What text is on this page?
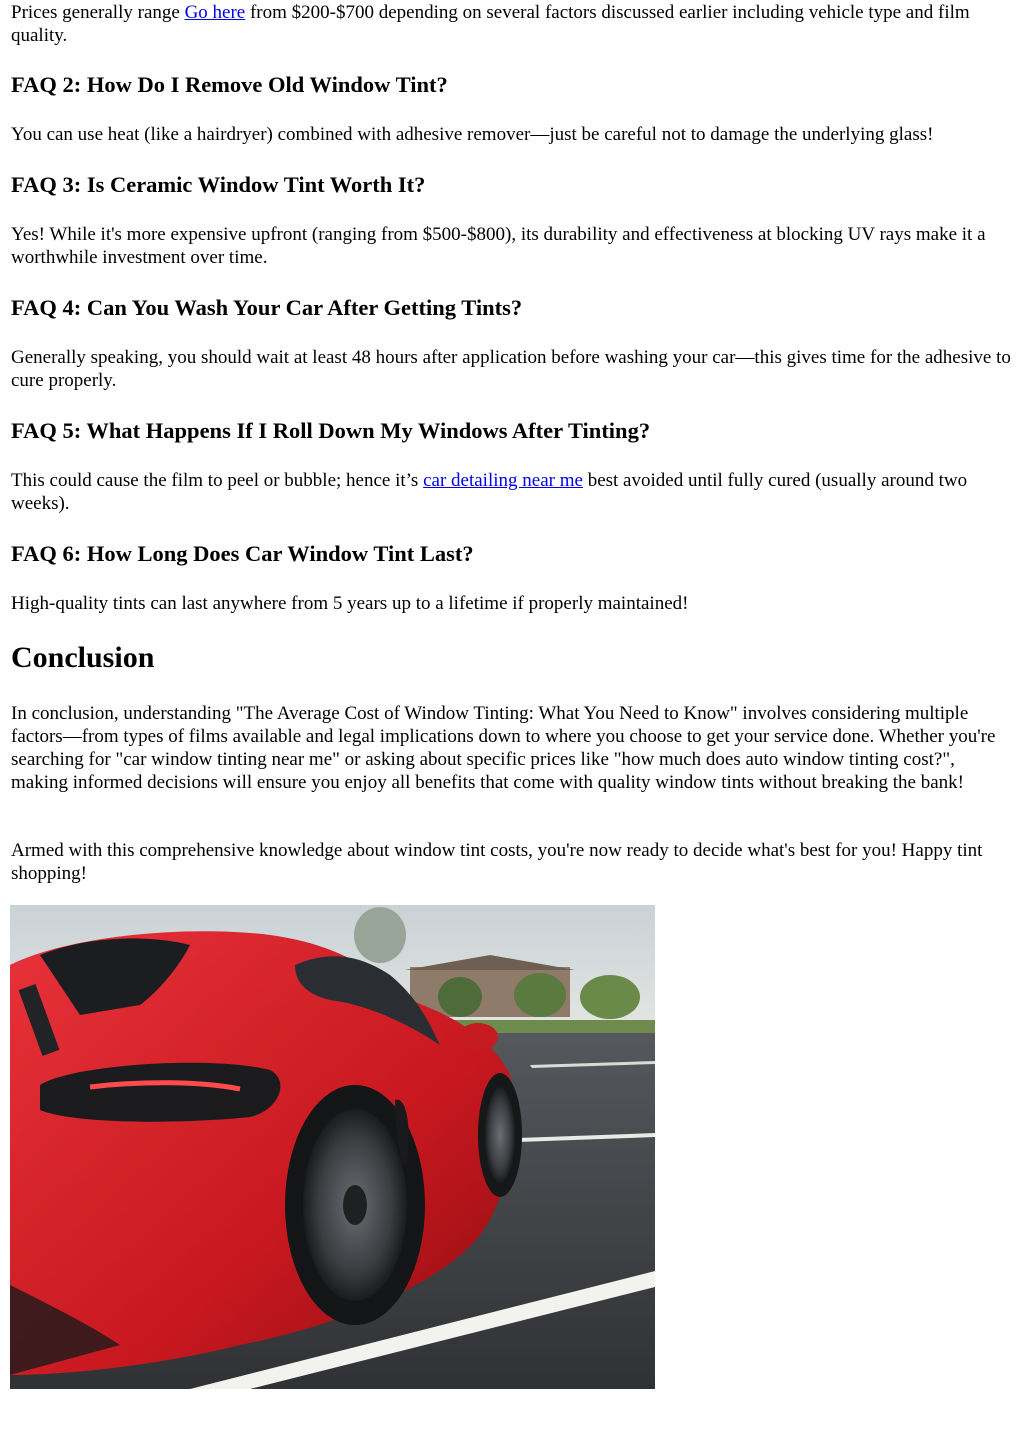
Prices generally range Go here from $200-$700 depending on several factors discussed earlier including vehicle type and film quality.

FAQ 2: How Do I Remove Old Window Tint?

You can use heat (like a hairdryer) combined with adhesive remover—just be careful not to damage the underlying glass!

FAQ 3: Is Ceramic Window Tint Worth It?

Yes! While it's more expensive upfront (ranging from $500-$800), its durability and effectiveness at blocking UV rays make it a worthwhile investment over time.

FAQ 4: Can You Wash Your Car After Getting Tints?

Generally speaking, you should wait at least 48 hours after application before washing your car—this gives time for the adhesive to cure properly.

FAQ 5: What Happens If I Roll Down My Windows After Tinting?

This could cause the film to peel or bubble; hence it’s car detailing near me best avoided until fully cured (usually around two weeks).

FAQ 6: How Long Does Car Window Tint Last?

High-quality tints can last anywhere from 5 years up to a lifetime if properly maintained!

Conclusion

In conclusion, understanding "The Average Cost of Window Tinting: What You Need to Know" involves considering multiple factors—from types of films available and legal implications down to where you choose to get your service done. Whether you're searching for "car window tinting near me" or asking about specific prices like "how much does auto window tinting cost?", making informed decisions will ensure you enjoy all benefits that come with quality window tints without breaking the bank!

Armed with this comprehensive knowledge about window tint costs, you're now ready to decide what's best for you! Happy tint shopping!
